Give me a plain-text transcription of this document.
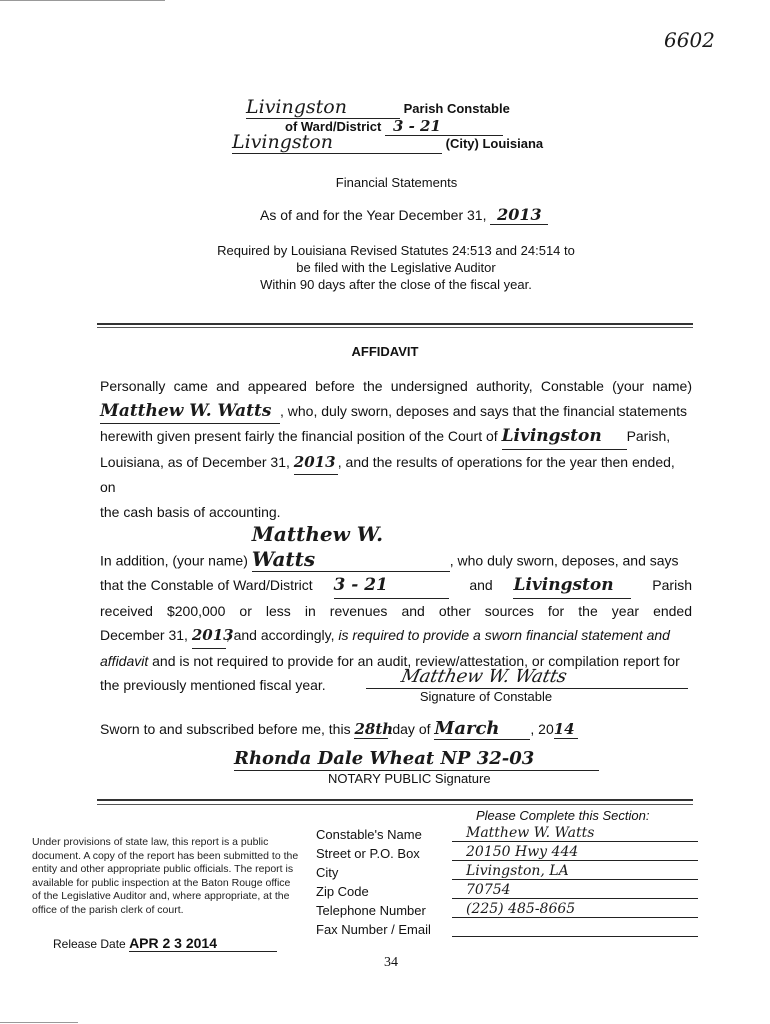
6602
Livingston	Parish Constable
of Ward/District 3 - 21
Livingston	(City) Louisiana
Financial Statements
As of and for the Year December 31, 2013
Required by Louisiana Revised Statutes 24:513 and 24:514 to
be filed with the Legislative Auditor
Within 90 days after the close of the fiscal year.
AFFIDAVIT
Personally came and appeared before the undersigned authority, Constable (your name)
Matthew W. Watts , who, duly sworn, deposes and says that the financial statements
herewith given present fairly the financial position of the Court of Livingston Parish,
Louisiana, as of December 31, 2013 , and the results of operations for the year then ended, on
the cash basis of accounting.
In addition, (your name) Matthew W. Watts	, who duly sworn, deposes, and says
that the Constable of Ward/District 3 - 21	and Livingston	Parish
received $200,000 or less in revenues and other sources for the year ended
December 31, 2013, and accordingly, is required to provide a sworn financial statement and
affidavit and is not required to provide for an audit, review/attestation, or compilation report for
the previously mentioned fiscal year.	Matthew W. Watts
Signature of Constable
Sworn to and subscribed before me, this 28th day of March , 2014
Rhonda Dale Wheat NP 32-03
NOTARY PUBLIC Signature
Please Complete this Section:
Under provisions of state law, this report is a public document. A copy of the report has been submitted to the entity and other appropriate public officials. The report is available for public inspection at the Baton Rouge office of the Legislative Auditor and, where appropriate, at the office of the parish clerk of court.
Release Date APR 2 3 2014
Constable's Name	Matthew W. Watts
Street or P.O. Box	20150 Hwy 444
City	Livingston, LA
Zip Code	70754
Telephone Number	(225) 485-8665
Fax Number / Email
34
